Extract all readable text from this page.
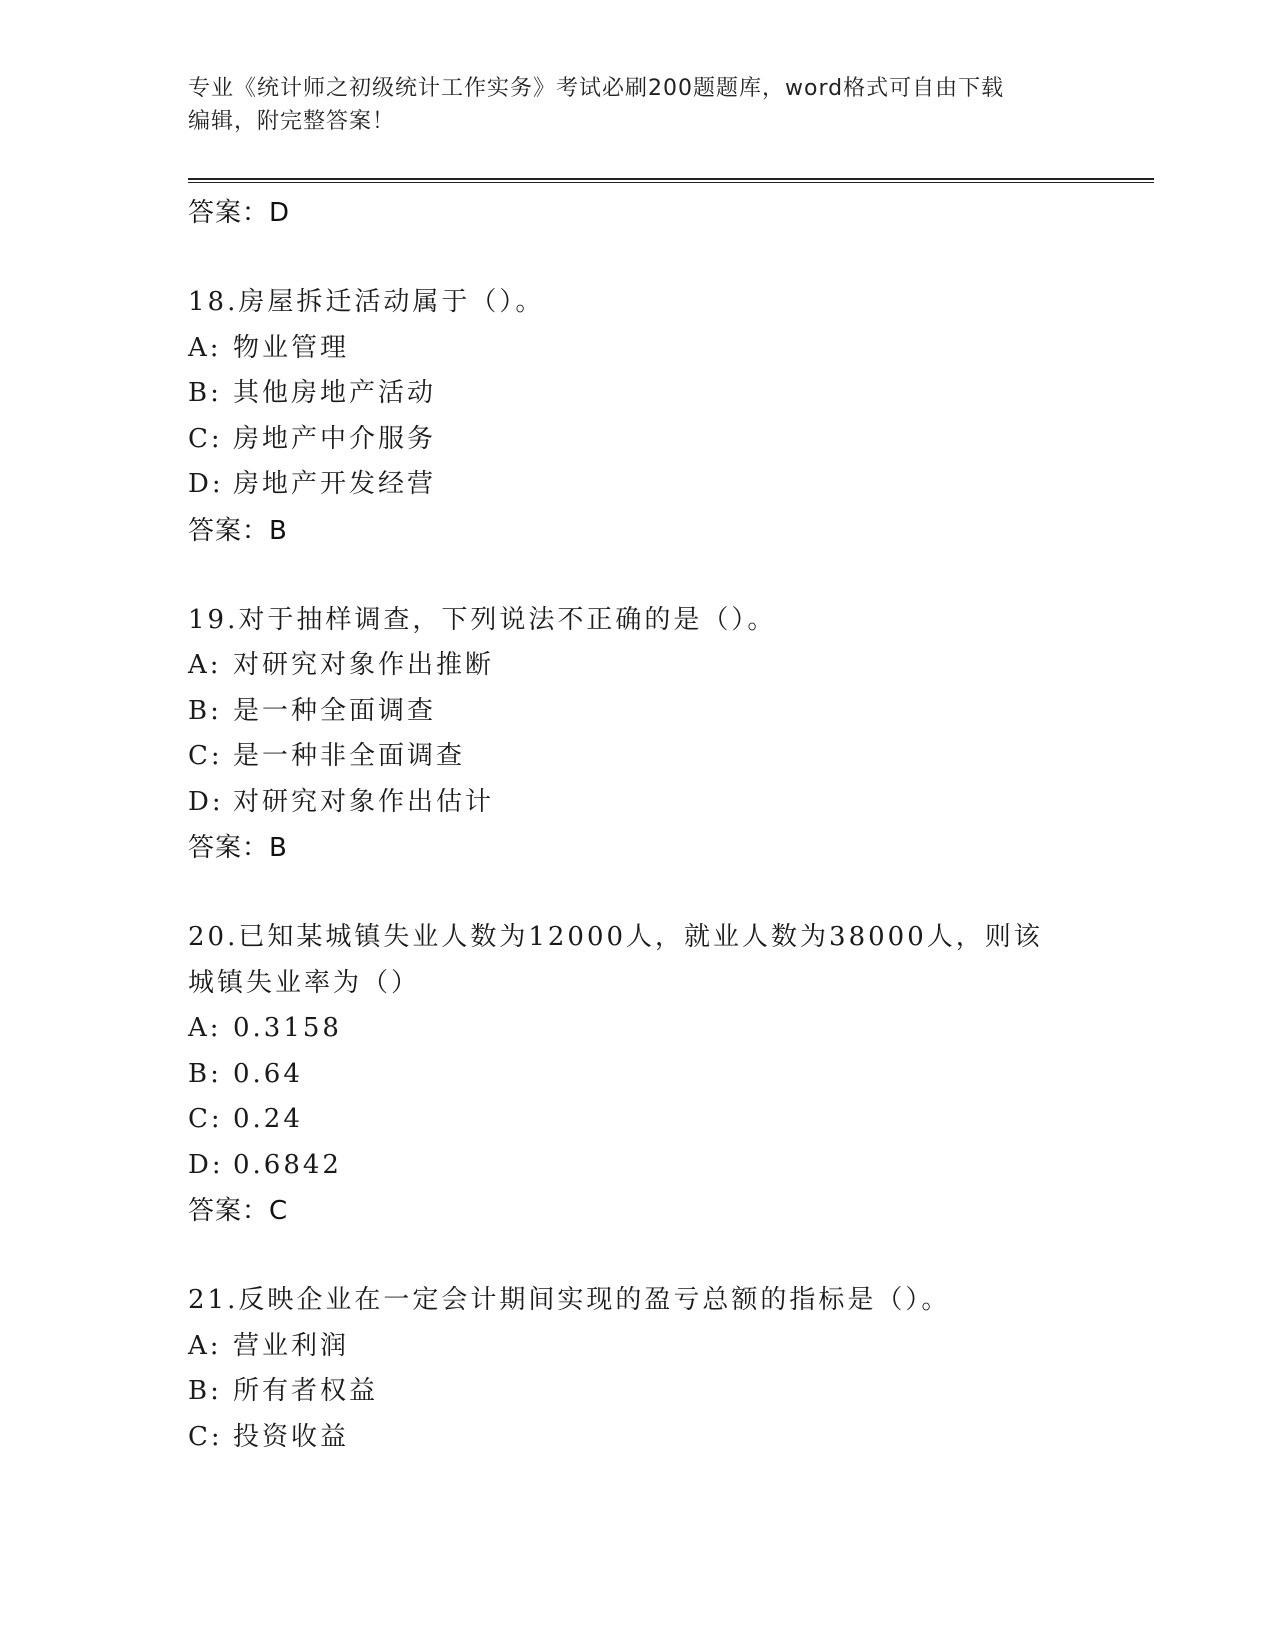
专业《统计师之初级统计工作实务》考试必刷200题题库，word格式可自由下载
编辑，附完整答案！
答案：D
18.房屋拆迁活动属于（）。
A: 物业管理
B: 其他房地产活动
C: 房地产中介服务
D: 房地产开发经营
答案：B
19.对于抽样调查，下列说法不正确的是（）。
A: 对研究对象作出推断
B: 是一种全面调查
C: 是一种非全面调查
D: 对研究对象作出估计
答案：B
20.已知某城镇失业人数为12000人，就业人数为38000人，则该城镇失业率为（）
A: 0.3158
B: 0.64
C: 0.24
D: 0.6842
答案：C
21.反映企业在一定会计期间实现的盈亏总额的指标是（）。
A: 营业利润
B: 所有者权益
C: 投资收益
